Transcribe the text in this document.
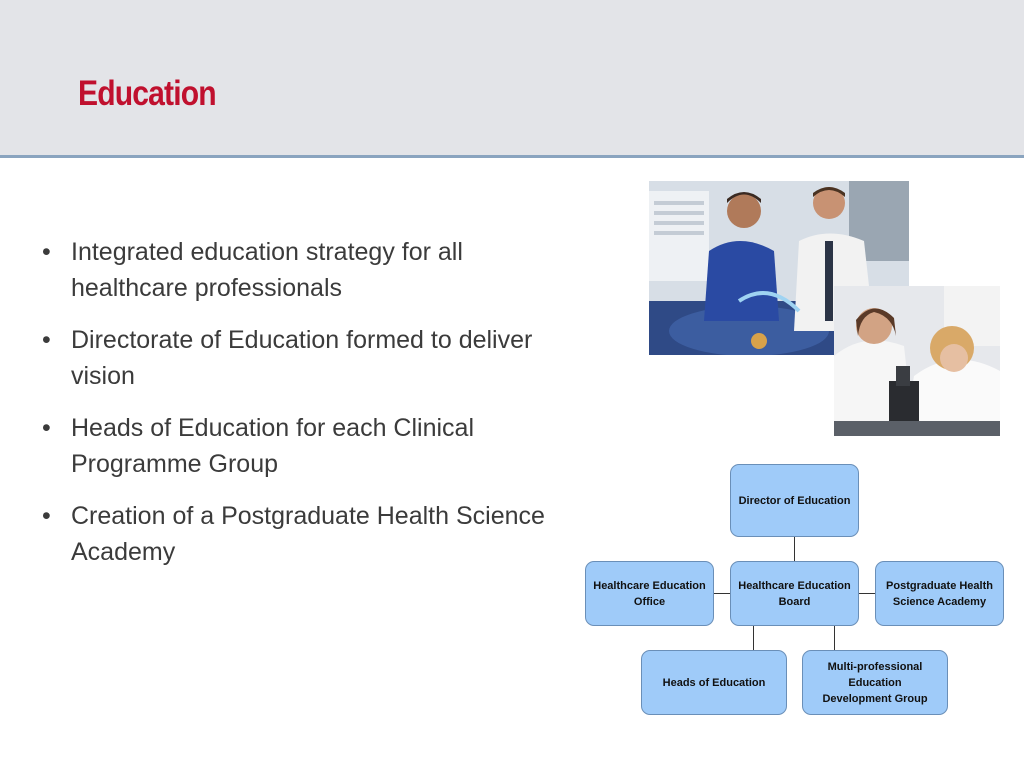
Education
• Integrated education strategy for all healthcare professionals
• Directorate of Education formed to deliver vision
• Heads of Education for each Clinical Programme Group
• Creation of a Postgraduate Health Science Academy
Director of Education
Healthcare Education Office
Healthcare Education Board
Postgraduate Health Science Academy
Heads of Education
Multi-professional Education Development Group
